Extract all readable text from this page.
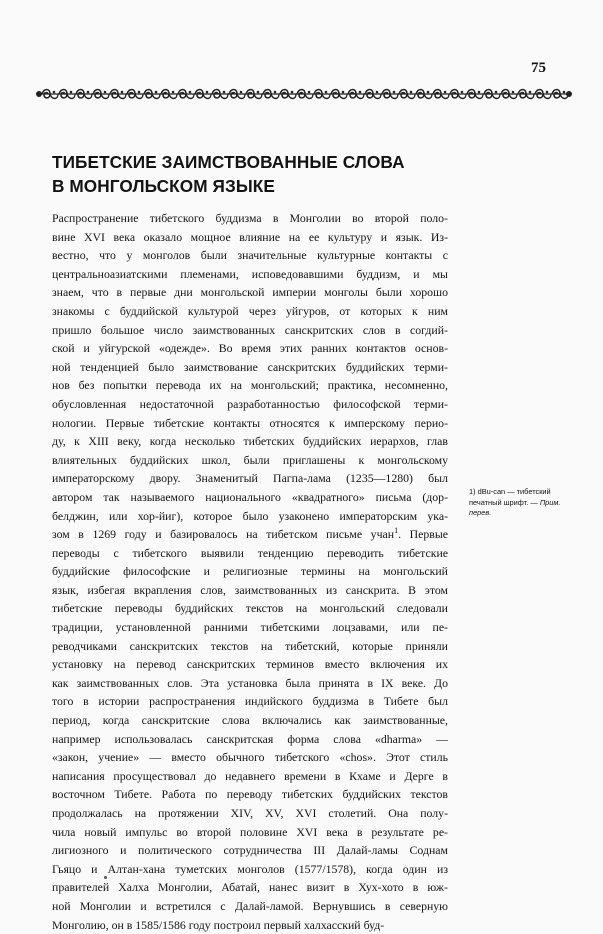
75
ТИБЕТСКИЕ ЗАИМСТВОВАННЫЕ СЛОВА
В МОНГОЛЬСКОМ ЯЗЫКЕ
Распространение тибетского буддизма в Монголии во второй поло-
вине XVI века оказало мощное влияние на ее культуру и язык. Из-
вестно, что у монголов были значительные культурные контакты с
центральноазиатскими племенами, исповедовавшими буддизм, и мы
знаем, что в первые дни монгольской империи монголы были хорошо
знакомы с буддийской культурой через уйгуров, от которых к ним
пришло большое число заимствованных санскритских слов в согдий-
ской и уйгурской «одежде». Во время этих ранних контактов основ-
ной тенденцией было заимствование санскритских буддийских терми-
нов без попытки перевода их на монгольский; практика, несомненно,
обусловленная недостаточной разработанностью философской терми-
нологии. Первые тибетские контакты относятся к имперскому перио-
ду, к XIII веку, когда несколько тибетских буддийских иерархов, глав
влиятельных буддийских школ, были приглашены к монгольскому
императорскому двору. Знаменитый Пагпа-лама (1235—1280) был
автором так называемого национального «квадратного» письма (дор-
белджин, или хор-йиг), которое было узаконено императорским ука-
зом в 1269 году и базировалось на тибетском письме учан$^1$. Первые
переводы с тибетского выявили тенденцию переводить тибетские
буддийские философские и религиозные термины на монгольский
язык, избегая вкрапления слов, заимствованных из санскрита. В этом
тибетские переводы буддийских текстов на монгольский следовали
традиции, установленной ранними тибетскими лоцзавами, или пе-
реводчиками санскритских текстов на тибетский, которые приняли
установку на перевод санскритских терминов вместо включения их
как заимствованных слов. Эта установка была принята в IX веке. До
того в истории распространения индийского буддизма в Тибете был
период, когда санскритские слова включались как заимствованные,
например использовалась санскритская форма слова «dharma» —
«закон, учение» — вместо обычного тибетского «chos». Этот стиль
написания просуществовал до недавнего времени в Кхаме и Дерге в
восточном Тибете. Работа по переводу тибетских буддийских текстов
продолжалась на протяжении XIV, XV, XVI столетий. Она полу-
чила новый импульс во второй половине XVI века в результате ре-
лигиозного и политического сотрудничества III Далай-ламы Соднам
Гьяцо и Алтан-хана туметских монголов (1577/1578), когда один из
правителей Халха Монголии, Абатай, нанес визит в Хух-хото в юж-
ной Монголии и встретился с Далай-ламой. Вернувшись в северную
Монголию, он в 1585/1586 году построил первый халхасский буд-
1) dBu-can — тибетский
печатный шрифт. — Прим.
перев.
